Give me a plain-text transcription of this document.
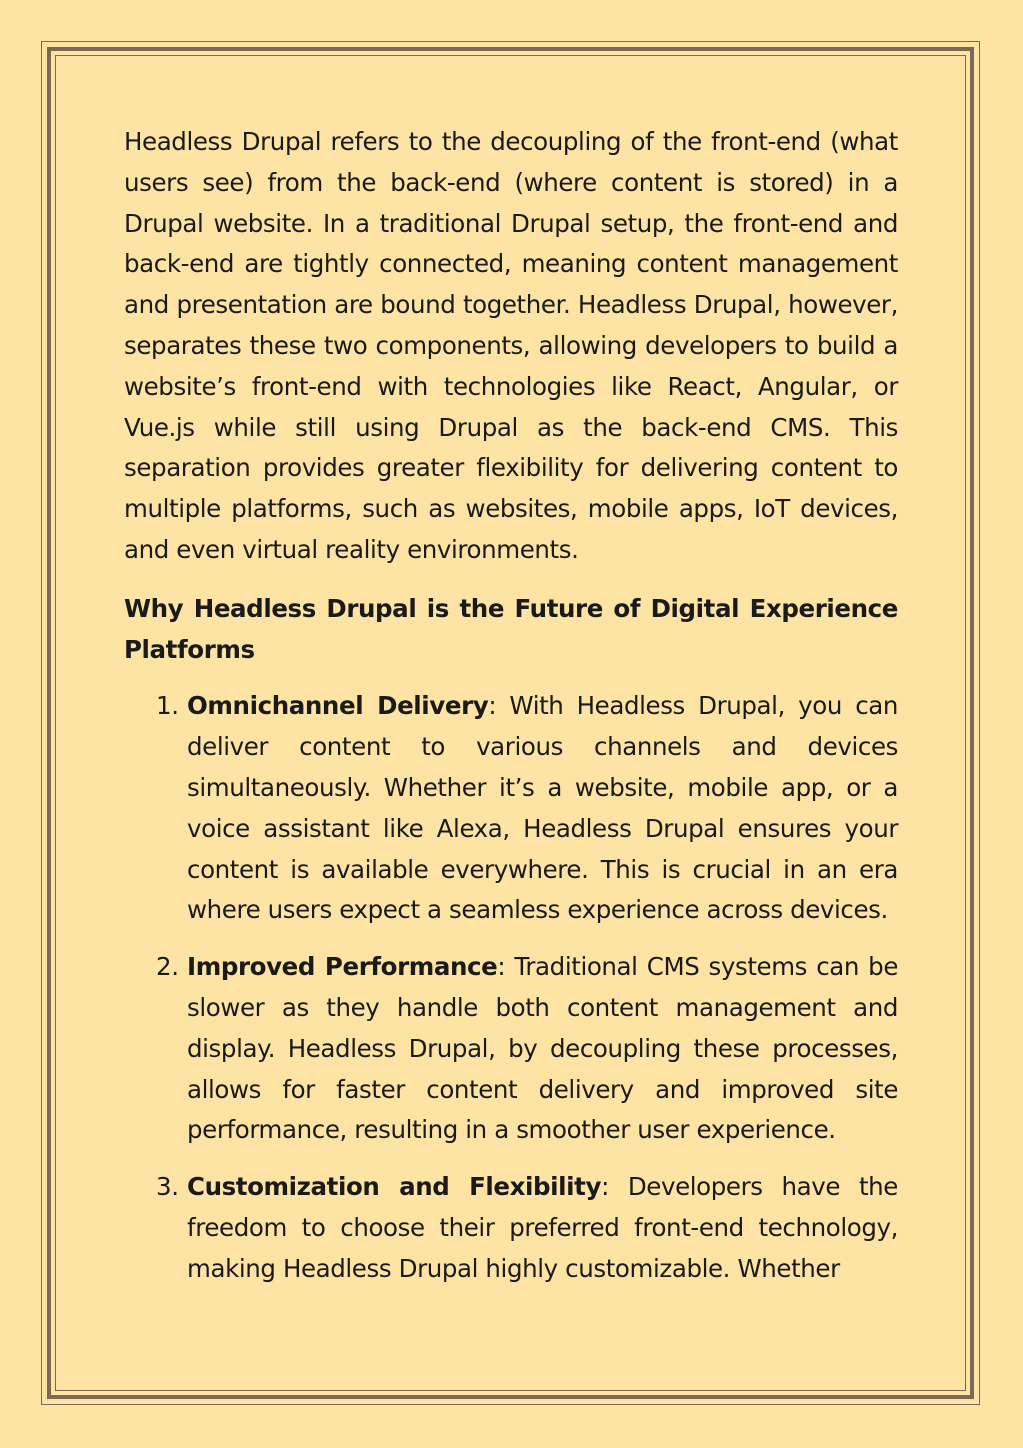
Headless Drupal refers to the decoupling of the front-end (what users see) from the back-end (where content is stored) in a Drupal website. In a traditional Drupal setup, the front-end and back-end are tightly connected, meaning content management and presentation are bound together. Headless Drupal, however, separates these two components, allowing developers to build a website’s front-end with technologies like React, Angular, or Vue.js while still using Drupal as the back-end CMS. This separation provides greater flexibility for delivering content to multiple platforms, such as websites, mobile apps, IoT devices, and even virtual reality environments.

Why Headless Drupal is the Future of Digital Experience Platforms

1. Omnichannel Delivery: With Headless Drupal, you can deliver content to various channels and devices simultaneously. Whether it’s a website, mobile app, or a voice assistant like Alexa, Headless Drupal ensures your content is available everywhere. This is crucial in an era where users expect a seamless experience across devices.
2. Improved Performance: Traditional CMS systems can be slower as they handle both content management and display. Headless Drupal, by decoupling these processes, allows for faster content delivery and improved site performance, resulting in a smoother user experience.
3. Customization and Flexibility: Developers have the freedom to choose their preferred front-end technology, making Headless Drupal highly customizable. Whether
